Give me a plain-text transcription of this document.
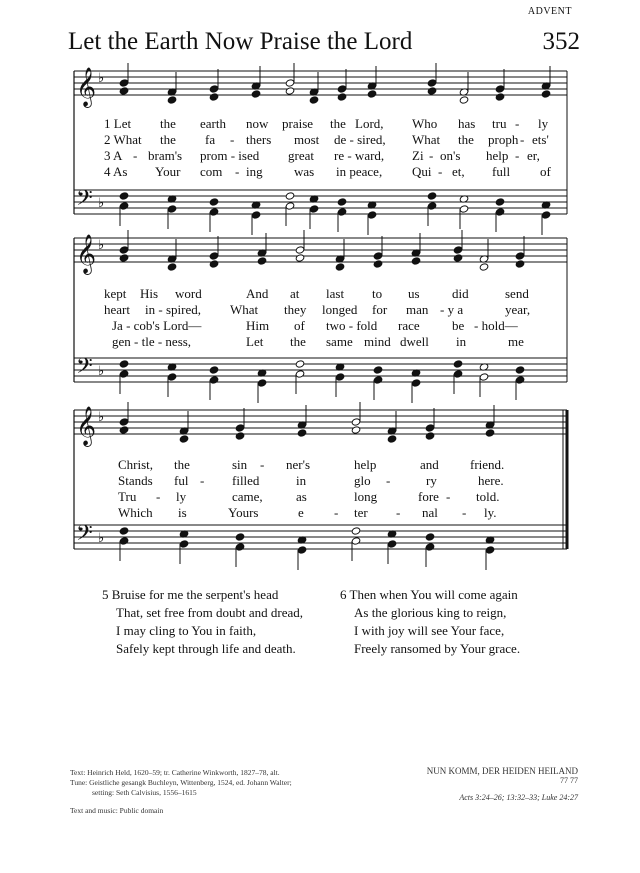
ADVENT
Let the Earth Now Praise the Lord	352
𝄞
𝄢
♭
♭
𝄞
𝄢
♭
♭
𝄞
𝄢
♭
♭
1 Let the earth now praise the Lord, Who has tru - ly
2 What the fa - thers most de - sired, What the proph - ets'
3 A - bram's prom - ised great re - ward, Zi - on's help - er,
4 As Your com - ing was in peace, Qui - et, full of
kept His word	And at last to us did	send
heart in - spired, What they longed for man - y a	year,
Ja - cob's Lord—	Him of two - fold race be - hold—
gen - tle - ness,	Let the same mind dwell in	me
Christ, the	sin - ner's	help	and friend.
Stands ful - filled	in	glo -	ry	here.
Tru - ly	came,	as	long	fore - told.
Which is	Yours	e - ter - nal - ly.
5 Bruise for me the serpent's head
That, set free from doubt and dread,
I may cling to You in faith,
Safely kept through life and death.
6 Then when You will come again
As the glorious king to reign,
I with joy will see Your face,
Freely ransomed by Your grace.
Text: Heinrich Held, 1620–59; tr. Catherine Winkworth, 1827–78, alt.
Tune: Geistliche gesangk Buchleyn, Wittenberg, 1524, ed. Johann Walter;
setting: Seth Calvisius, 1556–1615
Text and music: Public domain
NUN KOMM, DER HEIDEN HEILAND
77 77
Acts 3:24–26; 13:32–33; Luke 24:27
